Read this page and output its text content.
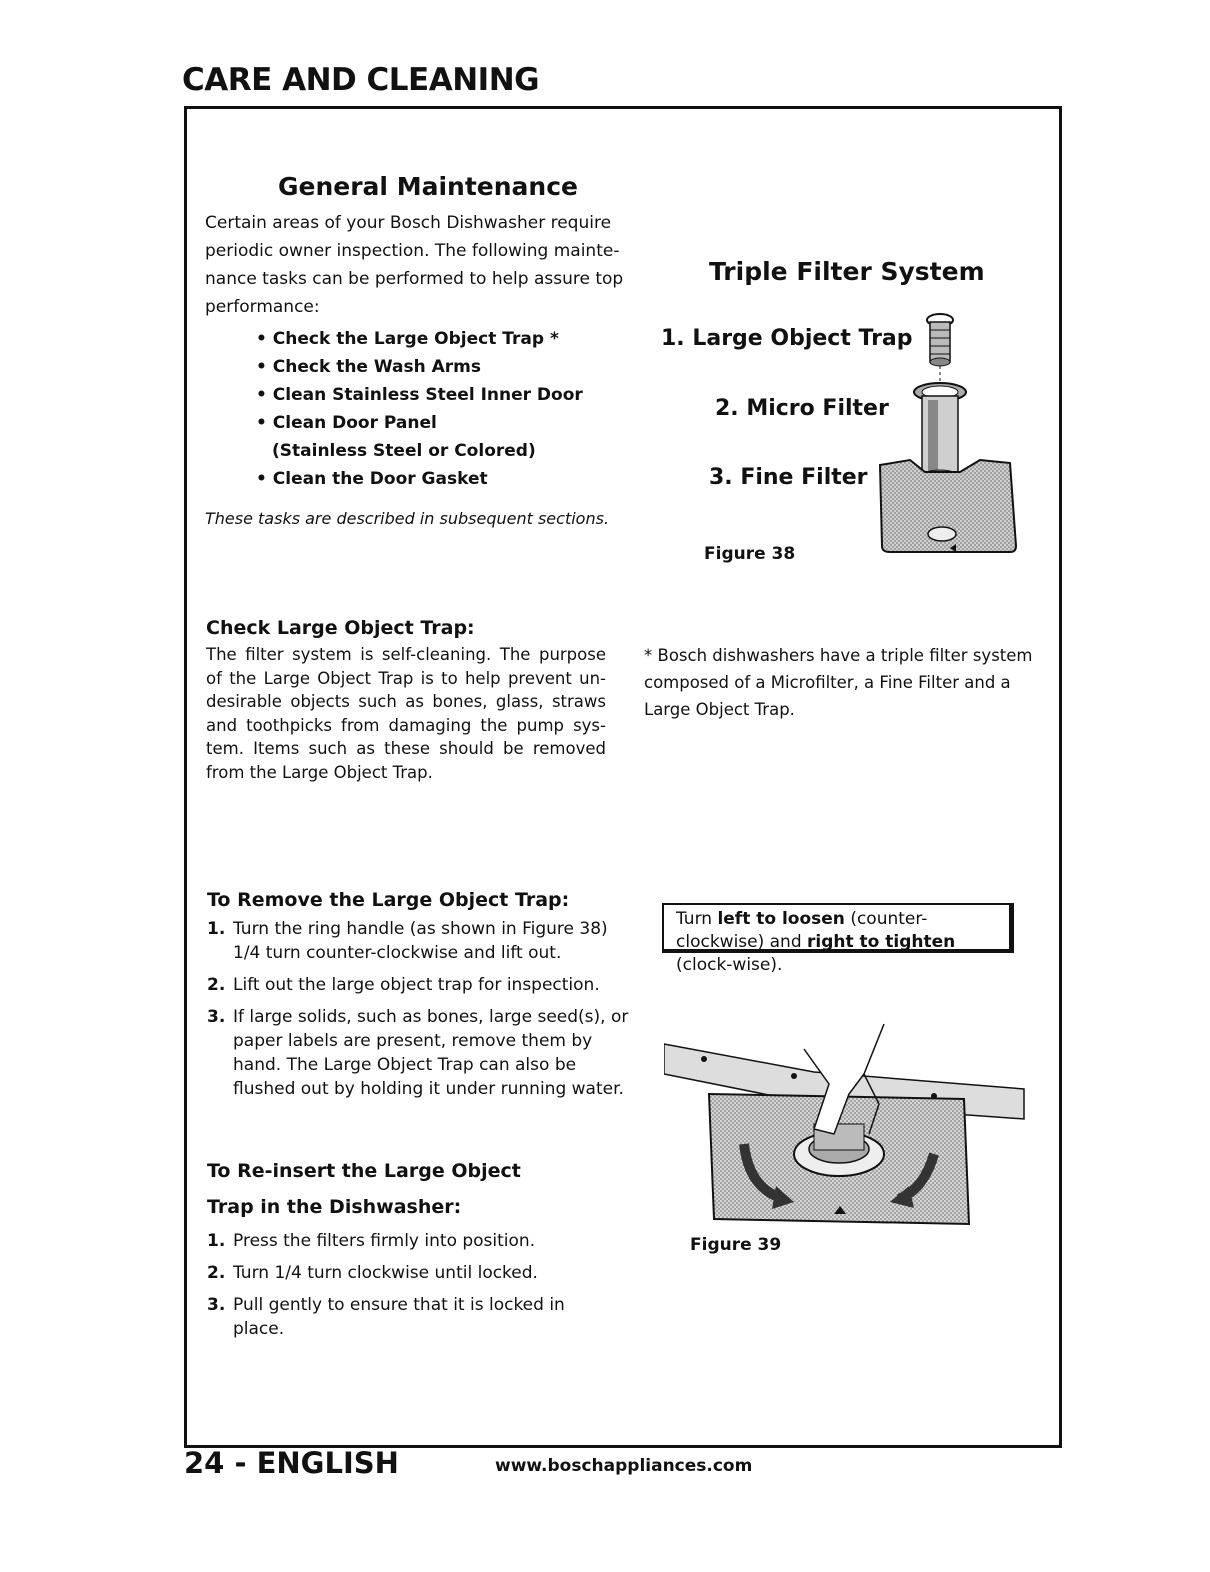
CARE AND CLEANING
General Maintenance

Certain areas of your Bosch Dishwasher require periodic owner inspection. The following mainte-nance tasks can be performed to help assure top performance:

• Check the Large Object Trap *
• Check the Wash Arms
• Clean Stainless Steel Inner Door
• Clean Door Panel
(Stainless Steel or Colored)
• Clean the Door Gasket
These tasks are described in subsequent sections.
Triple Filter System
1. Large Object Trap
2. Micro Filter
3. Fine Filter
Figure 38
Check Large Object Trap:

The filter system is self-cleaning. The purpose of the Large Object Trap is to help prevent un-desirable objects such as bones, glass, straws and toothpicks from damaging the pump sys-tem. Items such as these should be removed from the Large Object Trap.

* Bosch dishwashers have a triple filter system composed of a Microfilter, a Fine Filter and a Large Object Trap.

To Remove the Large Object Trap:
1. Turn the ring handle (as shown in Figure 38) 1/4 turn counter-clockwise and lift out.
2. Lift out the large object trap for inspection.
3. If large solids, such as bones, large seed(s), or paper labels are present, remove them by hand. The Large Object Trap can also be flushed out by holding it under running water.
Turn left to loosen (counter-clockwise) and right to tighten (clock-wise).
Figure 39
To Re-insert the Large Object
Trap in the Dishwasher:
1. Press the filters firmly into position.
2. Turn 1/4 turn clockwise until locked.
3. Pull gently to ensure that it is locked in place.
24 - ENGLISH	www.boschappliances.com
